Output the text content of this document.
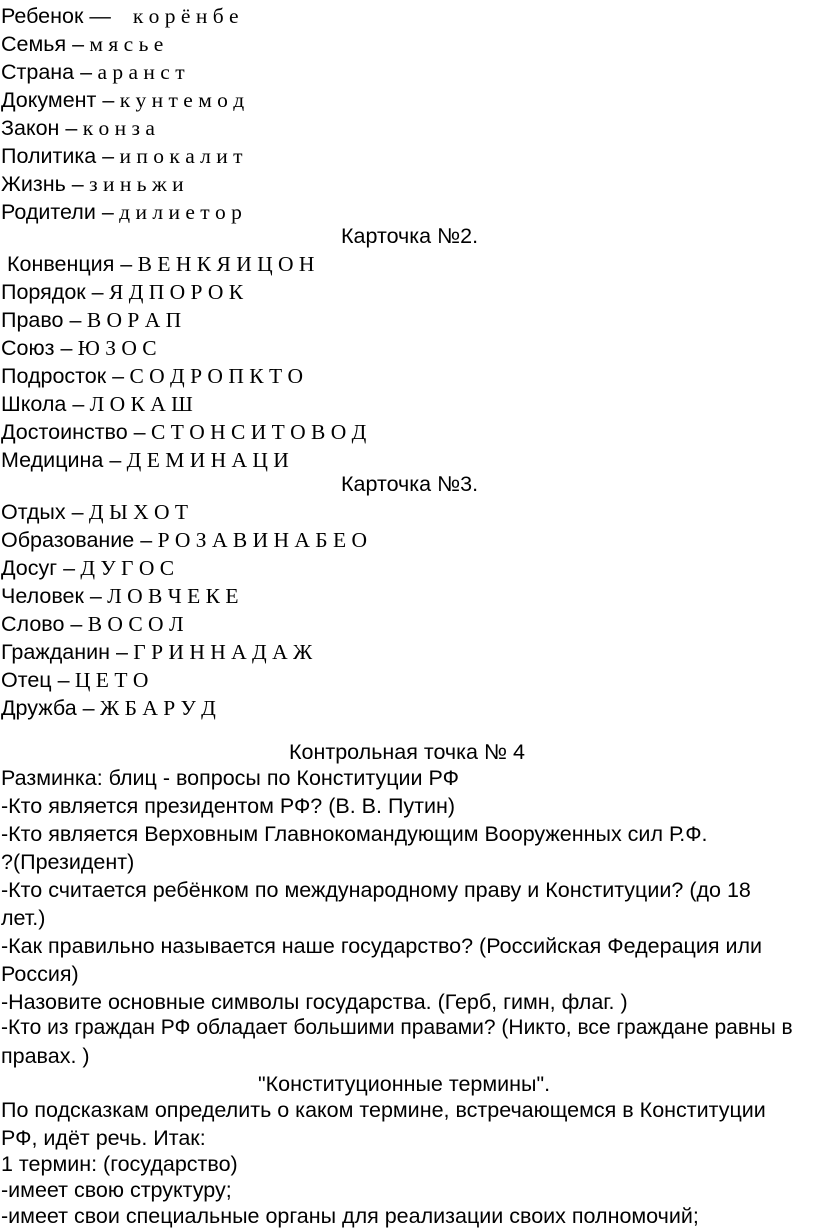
Ребенок — к о р ё н б е
Семья – м я с ь е
Страна – а р а н с т
Документ – к у н т е м о д
Закон – к о н з а
Политика – и п о к а л и т
Жизнь – з и н ь ж и
Родители – д и л и е т о р
Карточка №2.
Конвенция – В Е Н К Я И Ц О Н
Порядок – Я Д П О Р О К
Право – В О Р А П
Союз – Ю З О С
Подросток – С О Д Р О П К Т О
Школа – Л О К А Ш
Достоинство – С Т О Н С И Т О В О Д
Медицина – Д Е М И Н А Ц И
Карточка №3.
Отдых – Д Ы Х О Т
Образование – Р О З А В И Н А Б Е О
Досуг – Д У Г О С
Человек – Л О В Ч Е К Е
Слово – В О С О Л
Гражданин – Г Р И Н Н А Д А Ж
Отец – Ц Е Т О
Дружба – Ж Б А Р У Д
Контрольная точка № 4
Разминка: блиц - вопросы по Конституции РФ
-Кто является президентом РФ? (В. В. Путин)
-Кто является Верховным Главнокомандующим Вооруженных сил Р.Ф.
?(Президент)
-Кто считается ребёнком по международному праву и Конституции? (до 18
лет.)
-Как правильно называется наше государство? (Российская Федерация или
Россия)
-Назовите основные символы государства. (Герб, гимн, флаг. )
-Кто из граждан РФ обладает большими правами? (Никто, все граждане равны в
правах. )
"Конституционные термины".
По подсказкам определить о каком термине, встречающемся в Конституции
РФ, идёт речь. Итак:
1 термин: (государство)
-имеет свою структуру;
-имеет свои специальные органы для реализации своих полномочий;
